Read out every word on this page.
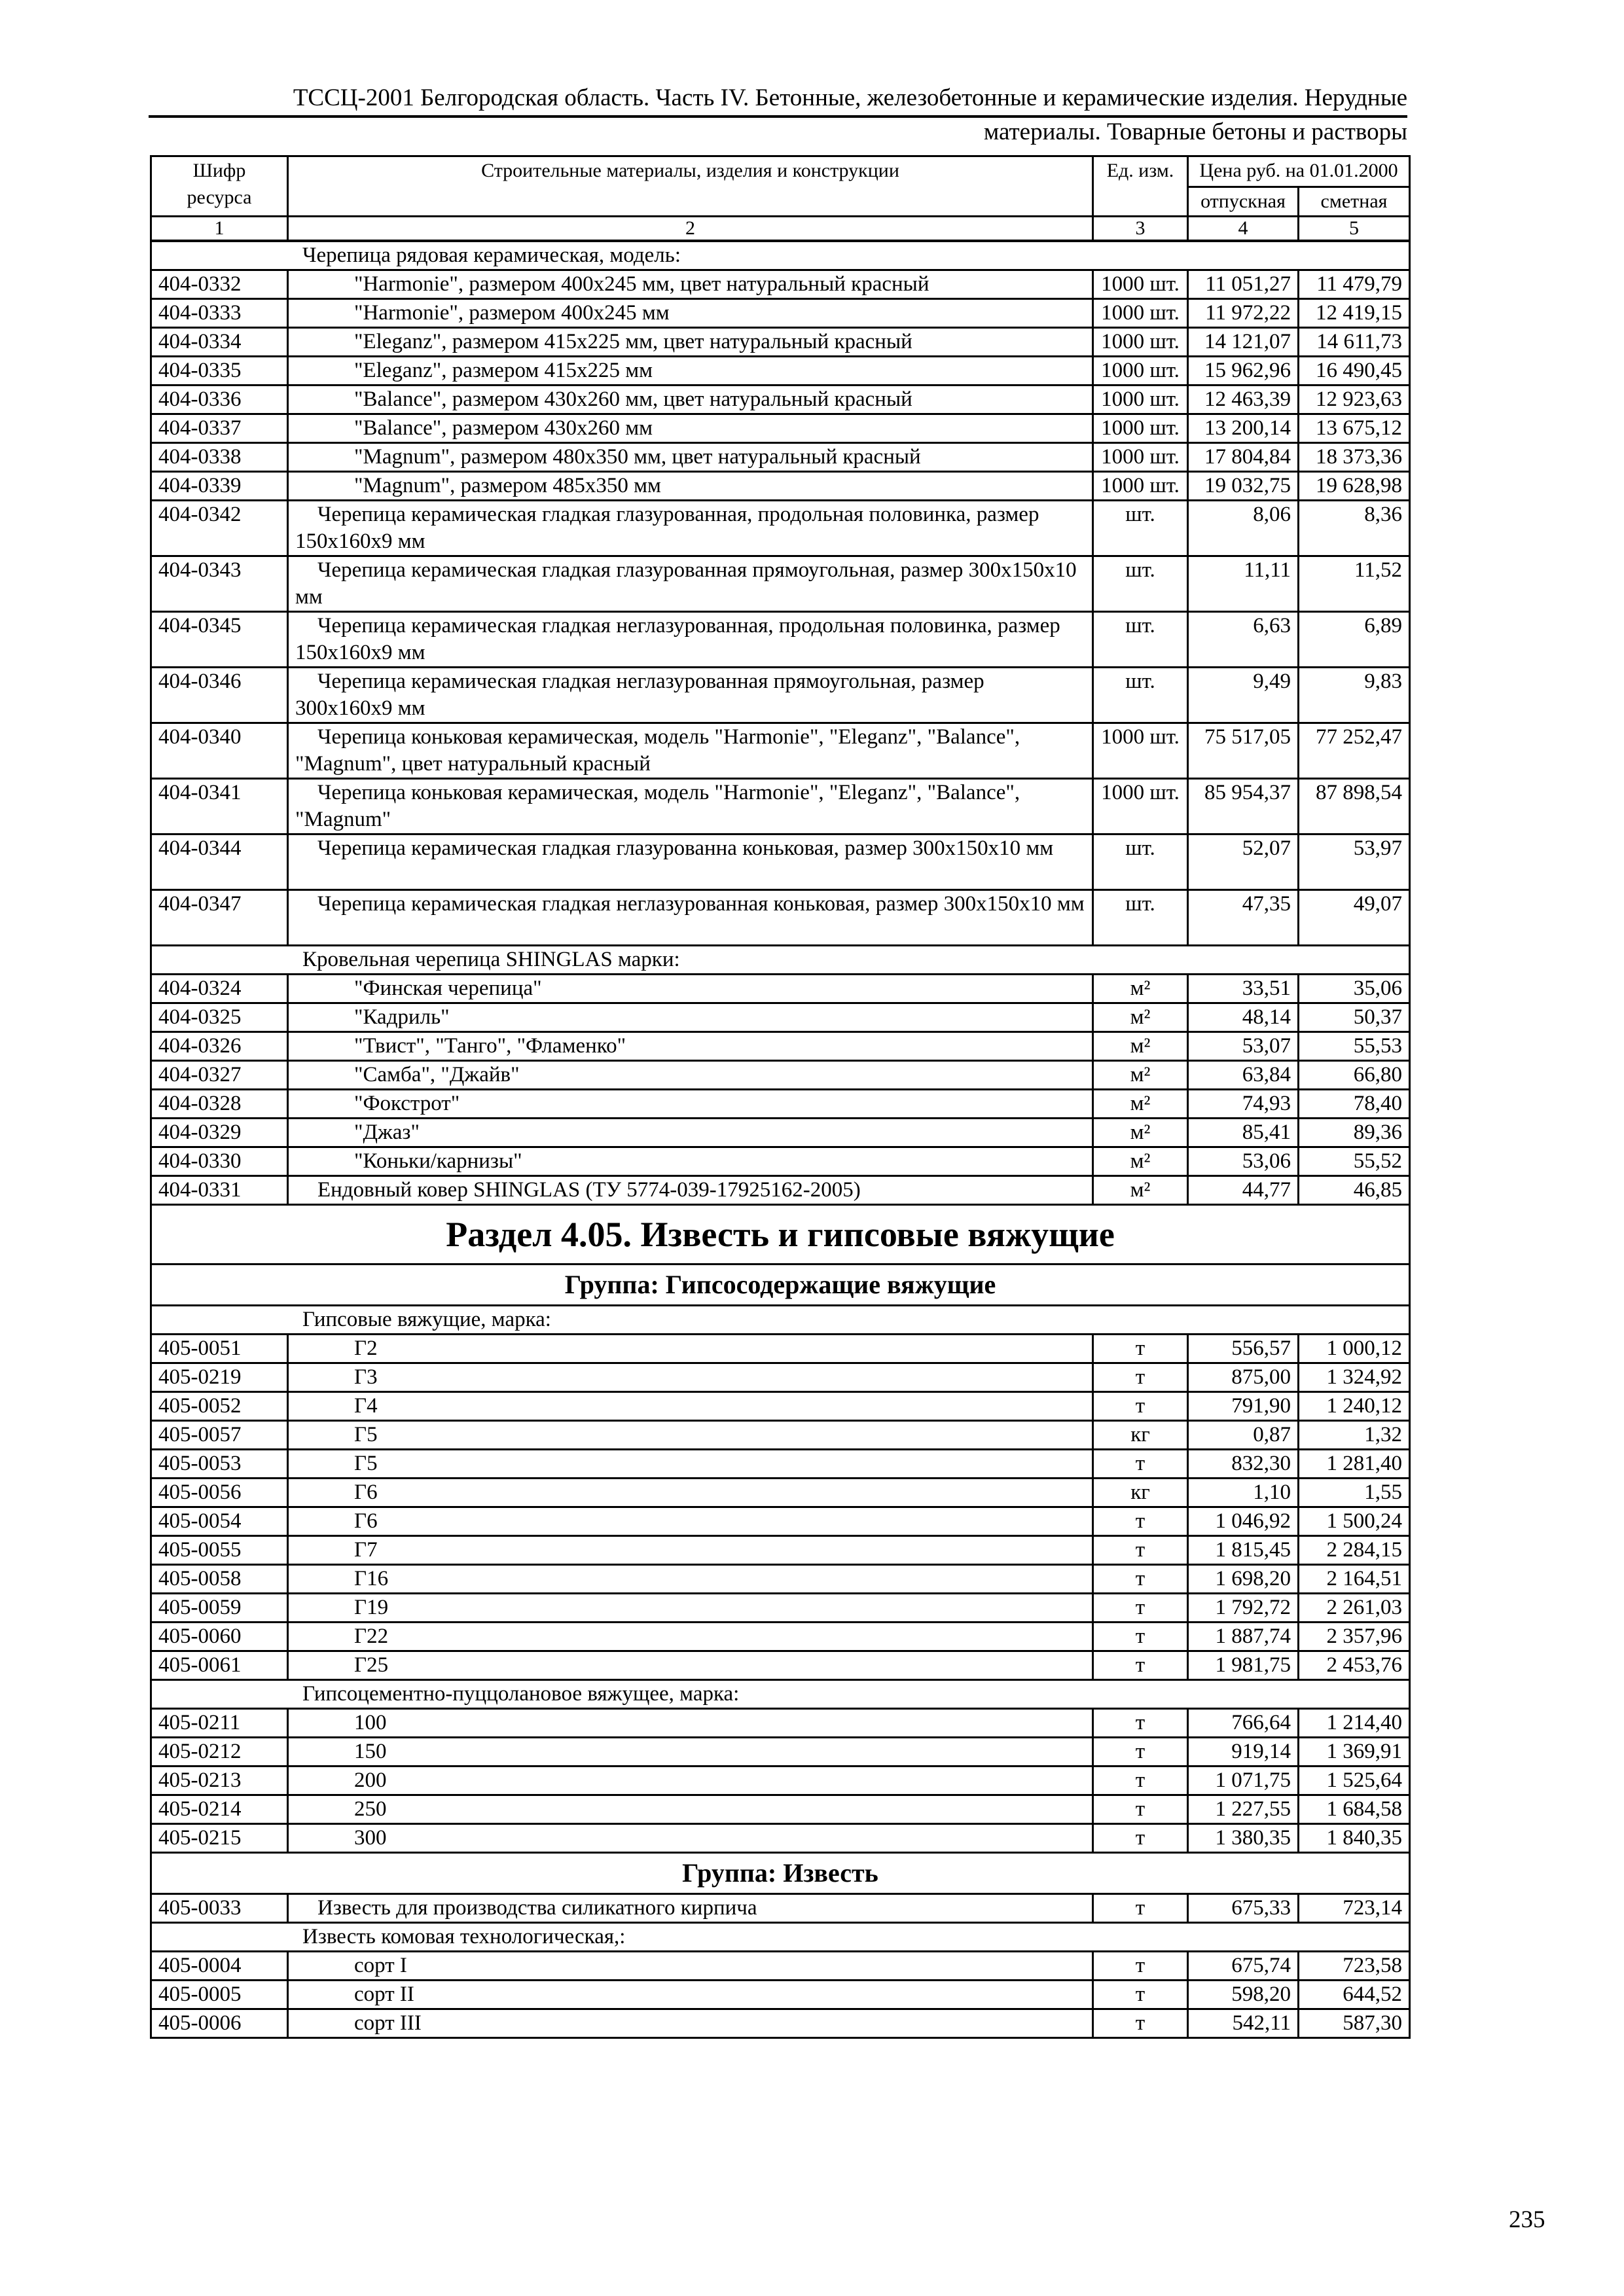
ТССЦ-2001 Белгородская область. Часть IV. Бетонные, железобетонные и керамические изделия. Нерудные
материалы. Товарные бетоны и растворы
Шифр ресурса	Строительные материалы, изделия и конструкции	Ед. изм.	Цена руб. на 01.01.2000	
			отпускная	сметная
1	2	3	4	5
Черепица рядовая керамическая, модель:				
404-0332	"Harmonie", размером 400х245 мм, цвет натуральный красный	1000 шт.	11 051,27	11 479,79
404-0333	"Harmonie", размером 400х245 мм	1000 шт.	11 972,22	12 419,15
404-0334	"Eleganz", размером 415х225 мм, цвет натуральный красный	1000 шт.	14 121,07	14 611,73
404-0335	"Eleganz", размером 415х225 мм	1000 шт.	15 962,96	16 490,45
404-0336	"Balance", размером 430х260 мм, цвет натуральный красный	1000 шт.	12 463,39	12 923,63
404-0337	"Balance", размером 430х260 мм	1000 шт.	13 200,14	13 675,12
404-0338	"Magnum", размером 480х350 мм, цвет натуральный красный	1000 шт.	17 804,84	18 373,36
404-0339	"Magnum", размером 485х350 мм	1000 шт.	19 032,75	19 628,98
404-0342	Черепица керамическая гладкая глазурованная, продольная половинка, размер 150х160х9 мм	шт.	8,06	8,36
404-0343	Черепица керамическая гладкая глазурованная прямоугольная, размер 300х150х10 мм	шт.	11,11	11,52
404-0345	Черепица керамическая гладкая неглазурованная, продольная половинка, размер 150х160х9 мм	шт.	6,63	6,89
404-0346	Черепица керамическая гладкая неглазурованная прямоугольная, размер 300х160х9 мм	шт.	9,49	9,83
404-0340	Черепица коньковая керамическая, модель "Harmonie", "Eleganz", "Balance", "Magnum", цвет натуральный красный	1000 шт.	75 517,05	77 252,47
404-0341	Черепица коньковая керамическая, модель "Harmonie", "Eleganz", "Balance", "Magnum"	1000 шт.	85 954,37	87 898,54
404-0344	Черепица керамическая гладкая глазурованна коньковая, размер 300х150х10 мм	шт.	52,07	53,97
404-0347	Черепица керамическая гладкая неглазурованная коньковая, размер 300х150х10 мм	шт.	47,35	49,07
Кровельная черепица SHINGLAS марки:				
404-0324	"Финская черепица"	м²	33,51	35,06
404-0325	"Кадриль"	м²	48,14	50,37
404-0326	"Твист", "Танго", "Фламенко"	м²	53,07	55,53
404-0327	"Самба", "Джайв"	м²	63,84	66,80
404-0328	"Фокстрот"	м²	74,93	78,40
404-0329	"Джаз"	м²	85,41	89,36
404-0330	"Коньки/карнизы"	м²	53,06	55,52
404-0331	Ендовный ковер SHINGLAS (ТУ 5774-039-17925162-2005)	м²	44,77	46,85
Раздел 4.05. Известь и гипсовые вяжущие				
Группа: Гипсосодержащие вяжущие				
Гипсовые вяжущие, марка:				
405-0051	Г2	т	556,57	1 000,12
405-0219	Г3	т	875,00	1 324,92
405-0052	Г4	т	791,90	1 240,12
405-0057	Г5	кг	0,87	1,32
405-0053	Г5	т	832,30	1 281,40
405-0056	Г6	кг	1,10	1,55
405-0054	Г6	т	1 046,92	1 500,24
405-0055	Г7	т	1 815,45	2 284,15
405-0058	Г16	т	1 698,20	2 164,51
405-0059	Г19	т	1 792,72	2 261,03
405-0060	Г22	т	1 887,74	2 357,96
405-0061	Г25	т	1 981,75	2 453,76
Гипсоцементно-пуццолановое вяжущее, марка:				
405-0211	100	т	766,64	1 214,40
405-0212	150	т	919,14	1 369,91
405-0213	200	т	1 071,75	1 525,64
405-0214	250	т	1 227,55	1 684,58
405-0215	300	т	1 380,35	1 840,35
Группа: Известь				
405-0033	Известь для производства силикатного кирпича	т	675,33	723,14
Известь комовая технологическая,:				
405-0004	сорт I	т	675,74	723,58
405-0005	сорт II	т	598,20	644,52
405-0006	сорт III	т	542,11	587,30
235
